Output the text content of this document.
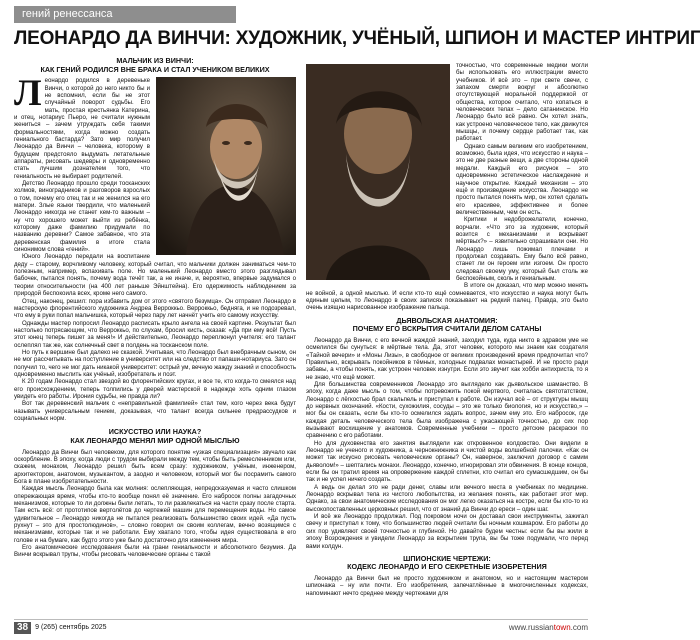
гений ренессанса
ЛЕОНАРДО ДА ВИНЧИ: ХУДОЖНИК, УЧЁНЫЙ, ШПИОН И МАСТЕР ИНТРИГ
МАЛЬЧИК ИЗ ВИНЧИ:
КАК ГЕНИЙ РОДИЛСЯ ВНЕ БРАКА И СТАЛ УЧЕНИКОМ ВЕЛИКИХ
Л еонардо родился в деревеньке Винчи, о которой до него никто бы и не вспомнил, если бы не этот случайный поворот судьбы. Его мать, простая крестьянка Катерина, и отец, нотариус Пьеро, не считали нужным жениться – зачем утруждать себя такими формальностями, когда можно создать гениального бастарда? Зато мир получил Леонардо да Винчи – человека, которому в будущем предстояло выдумать летательные аппараты, рисовать шедевры и одновременно стать лучшим дознателем того, что гениальность не выбирает родителей.

Детство Леонардо прошло среди тосканских холмов, виноградников и разговоров взрослых о том, почему его отец так и не женился на его матери. Злые языки твердили, что маленький Леонардо никогда не станет кем-то важным – ну что хорошего может выйти из ребёнка, которому даже фамилию придумали по названию деревни? Самое забавное, что эта деревенская фамилия в итоге стала синонимом слова «гений».

Юного Леонардо передали на воспитание деду – старому, ворчливому человеку, который считал, что мальчики должен заниматься чем-то полезным, например, вспахивать поле. Но маленький Леонардо вместо этого разглядывал бабочек, пытался понять, почему вода течёт так, а не иначе, и, вероятно, впервые задумался о теории относительности (на 400 лет раньше Эйнштейна). Его одержимость наблюдением за природой беспокоила всех, кроме него самого.

Отец, наконец, решил: пора избавить дом от этого «святого безумца». Он отправил Леонардо в мастерскую флорентийского художника Андреа Верроккьо. Верроккьо, бедняга, и не подозревал, что ему в руки попал мальчишка, который через пару лет начнёт учить его самому искусству.

Однажды мастер попросил Леонардо расписать крыло ангела на своей картине. Результат был настолько потрясающим, что Верроккьо, по слухам, бросил кисть, сказав: «Да при ему всё! Пусть этот юнец теперь пишет за меня!» И действительно, Леонардо переплюнул учителя: его талант ослеплял так же, как солнечный свет в полдень на тосканском поле.

Но путь к вершине был далеко не сказкой. Учитывая, что Леонардо был внебрачным сыном, он не мог рассчитывать на поступление в университет или на следство от папаши-нотариуса. Зато он получил то, чего не мог дать никакой университет: острый ум, вечную жажду знаний и способность одновременно мыслить как учёный, изобретатель и поэт.

К 20 годам Леонардо стал звездой во флорентийских кругах, и все те, кто когда-то смеялся над его происхождением, теперь толпились у дверей мастерской в надежде хоть одним глазом увидеть его работы. Ирония судьбы, не правда ли?

Вот так деревенский мальчик с «неправильной фамилией» стал тем, кого через века будут называть универсальным гением, доказывая, что талант всегда сильнее предрассудков и социальных норм.

ИСКУССТВО ИЛИ НАУКА?
КАК ЛЕОНАРДО МЕНЯЛ МИР ОДНОЙ МЫСЛЬЮ

Леонардо да Винчи был человеком, для которого понятие «узкая специализация» звучало как оскорбление. В эпоху, когда люди с трудом выбирали между тем, чтобы быть ремесленником или, скажем, монахом, Леонардо решил быть всем сразу: художником, учёным, инженером, архитектором, анатомом, музыкантом, а заодно и человеком, который мог бы посрамить самого Бога в плане изобретательности.

Каждая мысль Леонардо была как молния: ослепляющая, непредсказуемая и часто слишком опережающая время, чтобы кто-то вообще понял её значение. Его набросок полны загадочных механизмов, которые то ли должны были летать, то ли развлекаться на части сразу после старта. Там есть всё: от прототипов вертолётов до чертежей машин для перемещения воды. Но самое удивительное – Леонардо никогда не пытался реализовать большинство своих идей. «Да пусть рухнут – это для простолюдинов», – словно говорил он своим коллегам, вечно возящимся с механизмами, которые так и не работали. Ему хватало того, чтобы идея существовала в его голове и на бумаге, как будто этого уже было достаточно для изменения мира.

Его анатомические исследования были на грани гениальности и абсолютного безумия. Да Винчи вскрывал трупы, чтобы рисовать человеческие органы с такой

точностью, что современные медики могли бы использовать его иллюстрации вместо учебников. И всё это – при свете свечи, с запахом смерти вокруг и абсолютно отсутствующей моральной поддержкой от общества, которое считало, что копаться в человеческих телах – дело сатанинское. Но Леонардо было всё равно. Он хотел знать, как устроено человеческое тело, как движутся мышцы, и почему сердце работает так, как работает.

Однако самым великим его изобретением, возможно, была идея, что искусство и наука – это не две разные вещи, а две стороны одной медали. Каждый его рисунок – это одновременно эстетическое наслаждение и научное открытие. Каждый механизм – это ещё и произведение искусства. Леонардо не просто пытался понять мир, он хотел сделать его красивее, эффективнее и более величественным, чем он есть.

Критики и недоброжелатели, конечно, ворчали. «Что это за художник, который возится с механизмами и вскрывает мёртвых?» – язвительно спрашивали они. Но Леонардо лишь пожимал плечами и продолжал создавать. Ему было всё равно, станет ли он героем или изгоем. Он просто следовал своему уму, который был столь же беспокойным, сколь и гениальным.

В итоге он доказал, что мир можно менять не войной, а одной мыслью. И если кто-то ещё сомневается, что искусство и наука могут быть единым целым, то Леонардо в своих записях показывает на редкий палец. Правда, это было очень изящно нарисованное изображение пальца.

ДЬЯВОЛЬСКАЯ АНАТОМИЯ:
ПОЧЕМУ ЕГО ВСКРЫТИЯ СЧИТАЛИ ДЕЛОМ САТАНЫ

Леонардо да Винчи, с его вечной жаждой знаний, заходил туда, куда никто в здравом уме не осмелился бы сунуться: в мёртвые тела. Да, этот человек, которого мы знаем как создателя «Тайной вечери» и «Моны Лизы», в свободное от великих произведений время предпочитал что? Правильно, вскрывать покойников в тёмных, холодных подвалах монастырей. И не просто ради забавы, а чтобы понять, как устроен человек изнутри. Если это звучит как хобби антихриста, то я не знаю, что ещё может.

Для большинства современников Леонардо это выглядело как дьявольское шаманство. В эпоху, когда даже мысль о том, чтобы потревожить покой мертвого, считалась святотатством, Леонардо с лёгкостью брал скальпель и приступал к работе. Он изучал всё – от структуры мышц до нервных окончаний. «Кости, сухожилия, сосуды – это же только биология, но и искусство,» – мог бы он сказать, если бы кто-то осмелился задать вопрос, зачем ему это. Его набросок, где каждая деталь человеческого тела была изображена с ужасающей точностью, до сих пор вызывают восхищение у анатомов. Современные учебники – просто детские раскраски по сравнению с его работами.

Но для духовенства его занятия выглядели как откровенное колдовство. Они видели в Леонардо не ученого и художника, а чернокнижника и чистой воды волшебной палочки. «Как он может так искусно рисовать человеческие органы? Он, наверное, заключил договор с самим дьяволом!» – шептались монахи. Леонардо, конечно, игнорировал эти обвинения. В конце концов, если бы он тратил время на опровержение каждой сплетни, кто считал его сумасшедшим, он бы так и не успел ничего создать.

А ведь он делал это не ради денег, славы или вечного места в учебниках по медицине. Леонардо вскрывал тела из чистого любопытства, из желания понять, как работает этот мир. Однако, за свои анатомические исследования он мог легко оказаться на костре, если бы кто-то из высокопоставленных церковных решил, что от знаний да Винчи до ереси – один шаг.

И всё же Леонардо продолжал. Под покровом ночи он доставал свои инструменты, зажигал свечу и приступал к тому, что большинство людей считали бы ночным кошмаром. Его работы до сих пор удивляют своей точностью и глубиной. Но давайте будем честны: если бы вы жили в эпоху Возрождения и увидели Леонардо за вскрытием трупа, вы бы тоже подумали, что перед вами колдун.

ШПИОНСКИЕ ЧЕРТЕЖИ:
КОДЕКС ЛЕОНАРДО И ЕГО СЕКРЕТНЫЕ ИЗОБРЕТЕНИЯ

Леонардо да Винчи был не просто художником и анатомом, но и настоящим мастером шпионажа – ну или почти. Его изобретения, запечатлённые в многочисленных кодексах, напоминают нечто среднее между чертежами для

38	9 (265) сентябрь 2025	www.russiantown.com
